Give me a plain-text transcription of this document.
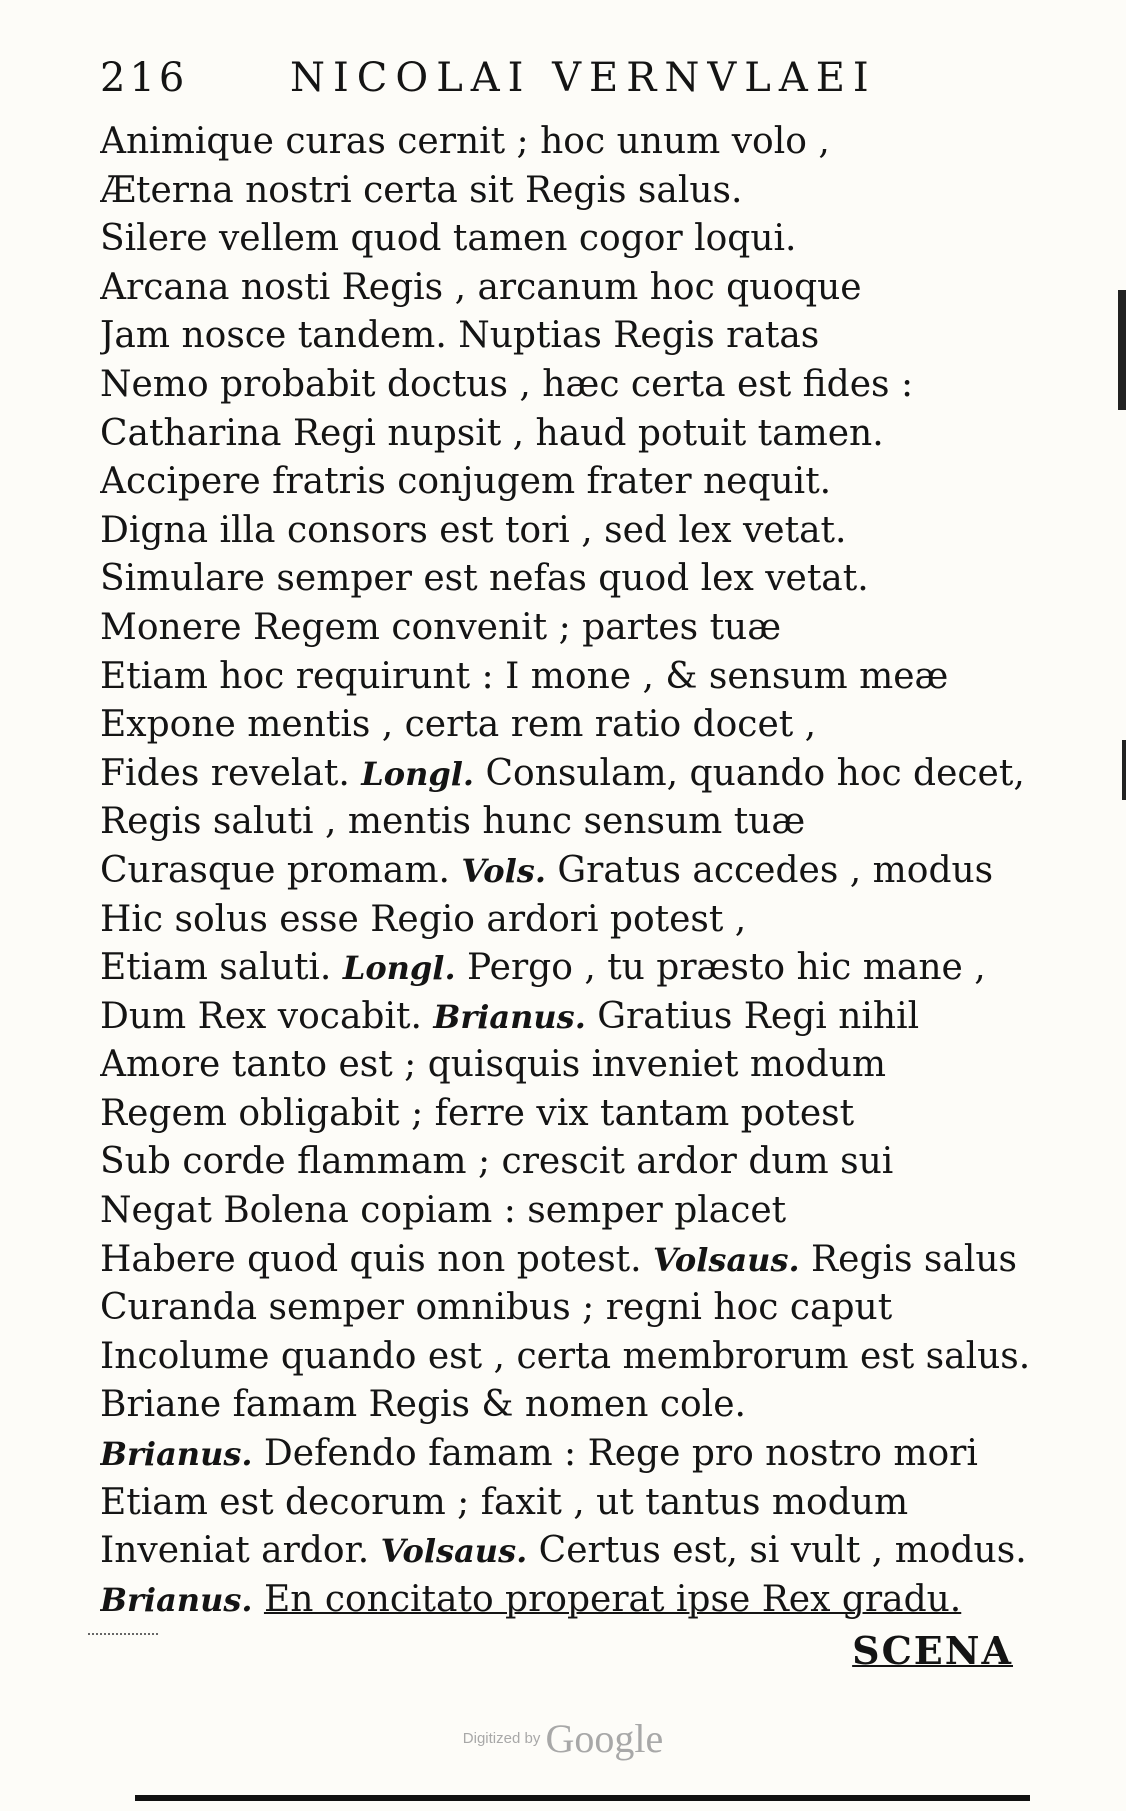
216	NICOLAI VERNVLAEI
Animique curas cernit ; hoc unum volo ,
Æterna nostri certa sit Regis salus.
Silere vellem quod tamen cogor loqui.
Arcana nosti Regis , arcanum hoc quoque
Jam nosce tandem. Nuptias Regis ratas
Nemo probabit doctus , hæc certa est fides :
Catharina Regi nupsit , haud potuit tamen.
Accipere fratris conjugem frater nequit.
Digna illa consors est tori , sed lex vetat.
Simulare semper est nefas quod lex vetat.
Monere Regem convenit ; partes tuæ
Etiam hoc requirunt : I mone , & sensum meæ
Expone mentis , certa rem ratio docet ,
Fides revelat. Longl. Consulam, quando hoc decet,
Regis saluti , mentis hunc sensum tuæ
Curasque promam. Vols. Gratus accedes , modus
Hic solus esse Regio ardori potest ,
Etiam saluti. Longl. Pergo , tu præsto hic mane ,
Dum Rex vocabit. Brianus. Gratius Regi nihil
Amore tanto est ; quisquis inveniet modum
Regem obligabit ; ferre vix tantam potest
Sub corde flammam ; crescit ardor dum sui
Negat Bolena copiam : semper placet
Habere quod quis non potest. Volsaus. Regis salus
Curanda semper omnibus ; regni hoc caput
Incolume quando est , certa membrorum est salus.
Briane famam Regis & nomen cole.
Brianus. Defendo famam : Rege pro nostro mori
Etiam est decorum ; faxit , ut tantus modum
Inveniat ardor. Volsaus. Certus est, si vult , modus.
Brianus. En concitato properat ipse Rex gradu.
SCENA
Digitized by Google
